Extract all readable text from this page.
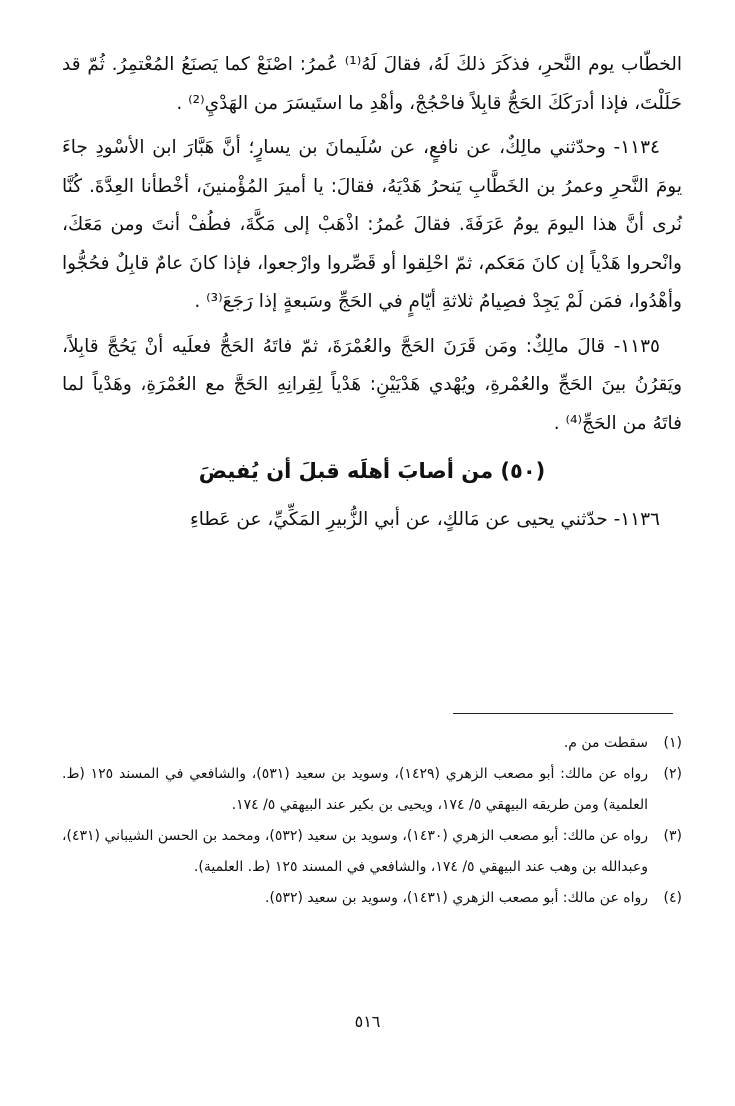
الخطّاب يوم النَّحرِ، فذكَرَ ذلكَ لَهُ، فقالَ لَهُ⁽¹⁾ عُمرُ: اصْنَعْ كما يَصنَعُ المُعْتمِرُ. ثُمّ قد حَلَلْتَ، فإذا أدرَكَكَ الحَجُّ قابِلاً فاحْجُجْ، وأهْدِ ما استَيسَرَ من الهَدْيِ⁽²⁾ .

١١٣٤- وحدّثني مالِكٌ، عن نافعٍ، عن سُلَيمانَ بن يسارٍ؛ أنَّ هَبَّارَ ابن الأسْودِ جاءَ يومَ النَّحرِ وعمرُ بن الخَطَّابِ يَنحرُ هَدْيَهُ، فقالَ: يا أميرَ المُؤْمنينَ، أخْطأنا العِدَّةَ. كُنَّا نُرى أنَّ هذا اليومَ يومُ عَرَفَةَ. فقالَ عُمرُ: اذْهَبْ إلى مَكَّةَ، فطُفْ أنتَ ومن مَعَكَ، وانْحروا هَدْياً إن كانَ مَعَكم، ثمّ احْلِقوا أو قَصِّروا وارْجعوا، فإذا كانَ عامٌ قابِلٌ فحُجُّوا وأهْدُوا، فمَن لَمْ يَجِدْ فصِيامُ ثلاثةِ أيّامٍ في الحَجِّ وسَبعةٍ إذا رَجَعَ⁽³⁾ .

١١٣٥- قالَ مالِكٌ: ومَن قَرَنَ الحَجَّ والعُمْرَةَ، ثمّ فاتَهُ الحَجُّ فعلَيه أنْ يَحُجَّ قابِلاً، ويَقرُنُ بينَ الحَجِّ والعُمْرةِ، ويُهْدي هَدْيَيْنِ: هَدْياً لِقِرانِهِ الحَجَّ مع العُمْرَةِ، وهَدْياً لما فاتَهُ من الحَجِّ⁽⁴⁾ .

(٥٠) من أصابَ أهلَه قبلَ أن يُفيضَ

١١٣٦- حدّثني يحيى عن مَالكٍ، عن أبي الزُّبيرِ المَكِّيِّ، عن عَطاءِ

(١)
سقطت من م.
(٢)
رواه عن مالك: أبو مصعب الزهري (١٤٢٩)، وسويد بن سعيد (٥٣١)، والشافعي في المسند ١٢٥ (ط. العلمية) ومن طريقه البيهقي ٥/ ١٧٤، ويحيى بن بكير عند البيهقي ٥/ ١٧٤.
(٣)
رواه عن مالك: أبو مصعب الزهري (١٤٣٠)، وسويد بن سعيد (٥٣٢)، ومحمد بن الحسن الشيباني (٤٣١)، وعبدالله بن وهب عند البيهقي ٥/ ١٧٤، والشافعي في المسند ١٢٥ (ط. العلمية).
(٤)
رواه عن مالك: أبو مصعب الزهري (١٤٣١)، وسويد بن سعيد (٥٣٢).
٥١٦
